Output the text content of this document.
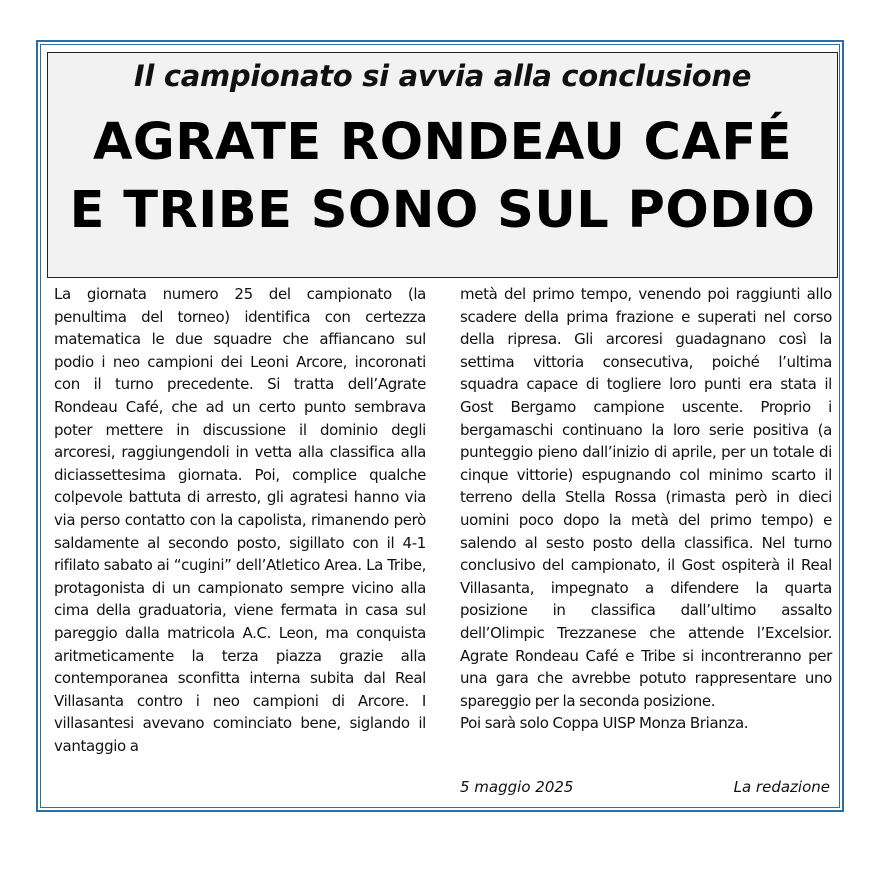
Il campionato si avvia alla conclusione
AGRATE RONDEAU CAFÉ
E TRIBE SONO SUL PODIO

La giornata numero 25 del campionato (la penultima del torneo) identifica con certezza matematica le due squadre che affiancano sul podio i neo campioni dei Leoni Arcore, incoronati con il turno precedente. Si tratta dell’Agrate Rondeau Café, che ad un certo punto sembrava poter mettere in discussione il dominio degli arcoresi, raggiungendoli in vetta alla classifica alla diciassettesima giornata. Poi, complice qualche colpevole battuta di arresto, gli agratesi hanno via via perso contatto con la capolista, rimanendo però saldamente al secondo posto, sigillato con il 4-1 rifilato sabato ai “cugini” dell’Atletico Area. La Tribe, protagonista di un campionato sempre vicino alla cima della graduatoria, viene fermata in casa sul pareggio dalla matricola A.C. Leon, ma conquista aritmeticamente la terza piazza grazie alla contemporanea sconfitta interna subita dal Real Villasanta contro i neo campioni di Arcore. I villasantesi avevano cominciato bene, siglando il vantaggio a

metà del primo tempo, venendo poi raggiunti allo scadere della prima frazione e superati nel corso della ripresa. Gli arcoresi guadagnano così la settima vittoria consecutiva, poiché l’ultima squadra capace di togliere loro punti era stata il Gost Bergamo campione uscente. Proprio i bergamaschi continuano la loro serie positiva (a punteggio pieno dall’inizio di aprile, per un totale di cinque vittorie) espugnando col minimo scarto il terreno della Stella Rossa (rimasta però in dieci uomini poco dopo la metà del primo tempo) e salendo al sesto posto della classifica. Nel turno conclusivo del campionato, il Gost ospiterà il Real Villasanta, impegnato a difendere la quarta posizione in classifica dall’ultimo assalto dell’Olimpic Trezzanese che attende l’Excelsior. Agrate Rondeau Café e Tribe si incontreranno per una gara che avrebbe potuto rappresentare uno spareggio per la seconda posizione.

Poi sarà solo Coppa UISP Monza Brianza.

5 maggio 2025	La redazione
